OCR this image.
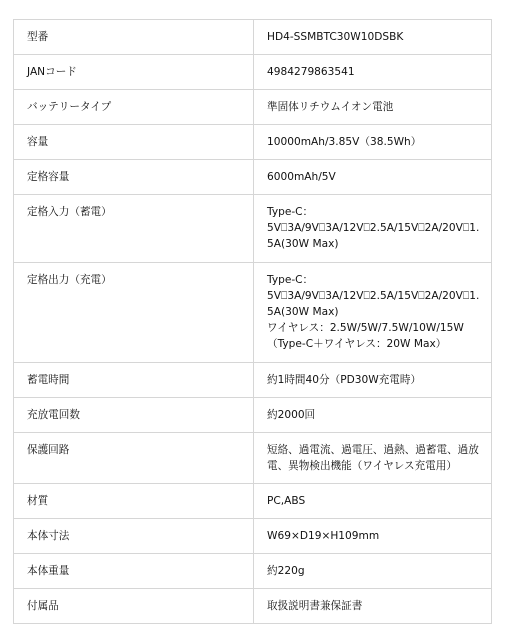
型番	HD4-SSMBTC30W10DSBK
JANコード	4984279863541
バッテリータイプ	準固体リチウムイオン電池
容量	10000mAh/3.85V（38.5Wh）
定格容量	6000mAh/5V
定格入力（蓄電）	Type-C：
5V⎕3A/9V⎕3A/12V⎕2.5A/15V⎕2A/20V⎕1.5A(30W Max)
定格出力（充電）	Type-C：
5V⎕3A/9V⎕3A/12V⎕2.5A/15V⎕2A/20V⎕1.5A(30W Max)
ワイヤレス：2.5W/5W/7.5W/10W/15W
（Type-C＋ワイヤレス：20W Max）
蓄電時間	約1時間40分（PD30W充電時）
充放電回数	約2000回
保護回路	短絡、過電流、過電圧、過熱、過蓄電、過放電、異物検出機能（ワイヤレス充電用）
材質	PC,ABS
本体寸法	W69×D19×H109mm
本体重量	約220g
付属品	取扱説明書兼保証書
